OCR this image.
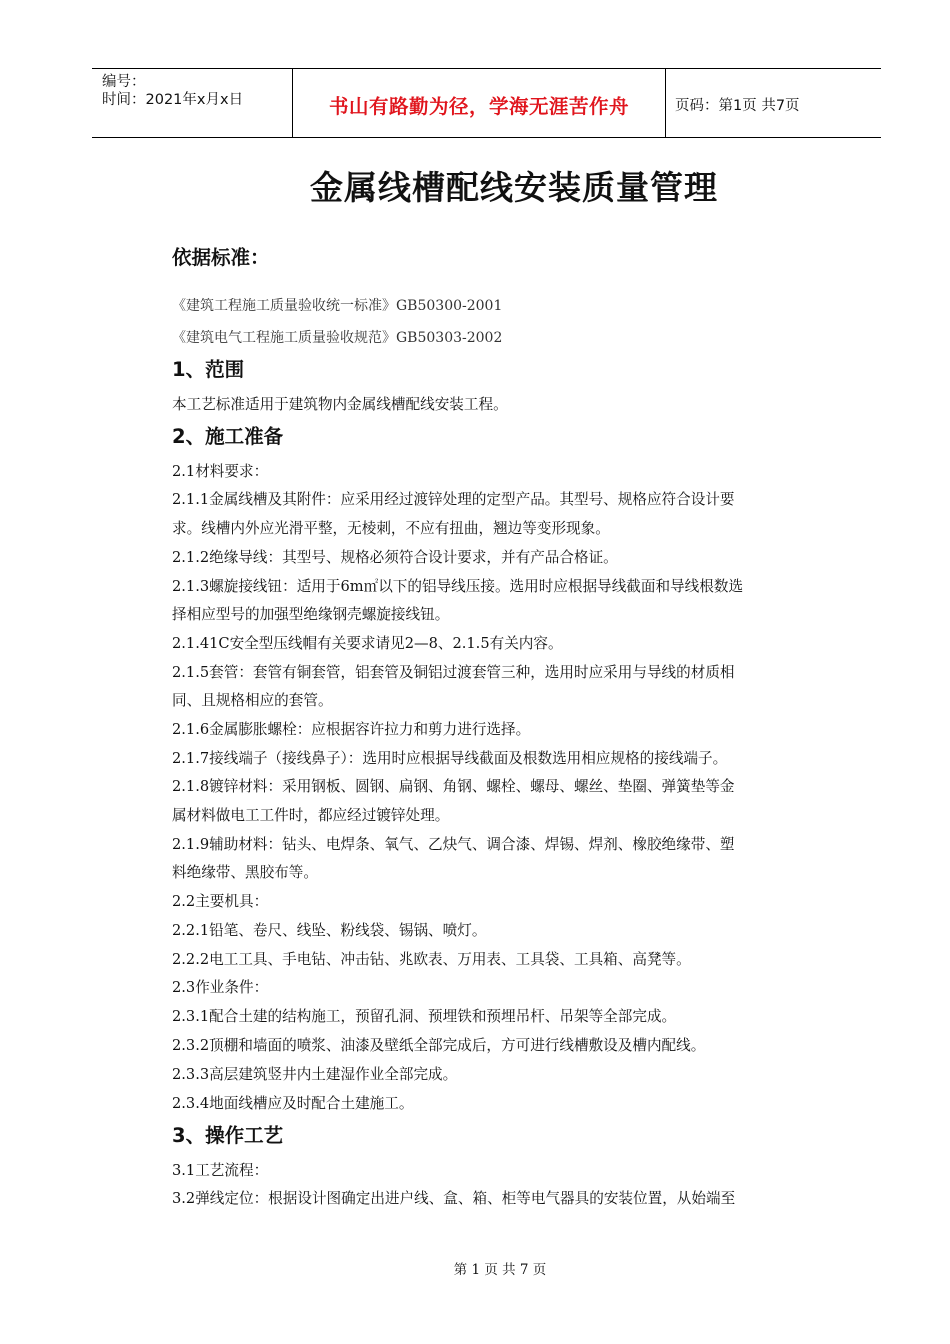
编号：
时间：2021年x月x日	书山有路勤为径，学海无涯苦作舟	页码：第1页 共7页
金属线槽配线安装质量管理
依据标准：
《建筑工程施工质量验收统一标准》GB50300-2001
《建筑电气工程施工质量验收规范》GB50303-2002
1、范围
本工艺标准适用于建筑物内金属线槽配线安装工程。
2、施工准备
2.1材料要求：
2.1.1金属线槽及其附件：应采用经过渡锌处理的定型产品。其型号、规格应符合设计要
求。线槽内外应光滑平整，无棱刺，不应有扭曲，翘边等变形现象。
2.1.2绝缘导线：其型号、规格必须符合设计要求，并有产品合格证。
2.1.3螺旋接线钮：适用于6m㎡以下的铝导线压接。选用时应根据导线截面和导线根数选
择相应型号的加强型绝缘钢壳螺旋接线钮。
2.1.41C安全型压线帽有关要求请见2—8、2.1.5有关内容。
2.1.5套管：套管有铜套管，铝套管及铜铝过渡套管三种，选用时应采用与导线的材质相
同、且规格相应的套管。
2.1.6金属膨胀螺栓：应根据容许拉力和剪力进行选择。
2.1.7接线端子（接线鼻子）：选用时应根据导线截面及根数选用相应规格的接线端子。
2.1.8镀锌材料：采用钢板、圆钢、扁钢、角钢、螺栓、螺母、螺丝、垫圈、弹簧垫等金
属材料做电工工件时，都应经过镀锌处理。
2.1.9辅助材料：钻头、电焊条、氧气、乙炔气、调合漆、焊锡、焊剂、橡胶绝缘带、塑
料绝缘带、黑胶布等。
2.2主要机具：
2.2.1铅笔、卷尺、线坠、粉线袋、锡锅、喷灯。
2.2.2电工工具、手电钻、冲击钻、兆欧表、万用表、工具袋、工具箱、高凳等。
2.3作业条件：
2.3.1配合土建的结构施工，预留孔洞、预埋铁和预埋吊杆、吊架等全部完成。
2.3.2顶棚和墙面的喷浆、油漆及壁纸全部完成后，方可进行线槽敷设及槽内配线。
2.3.3高层建筑竖井内土建湿作业全部完成。
2.3.4地面线槽应及时配合土建施工。
3、操作工艺
3.1工艺流程：
3.2弹线定位：根据设计图确定出进户线、盒、箱、柜等电气器具的安装位置，从始端至
第 1 页 共 7 页
